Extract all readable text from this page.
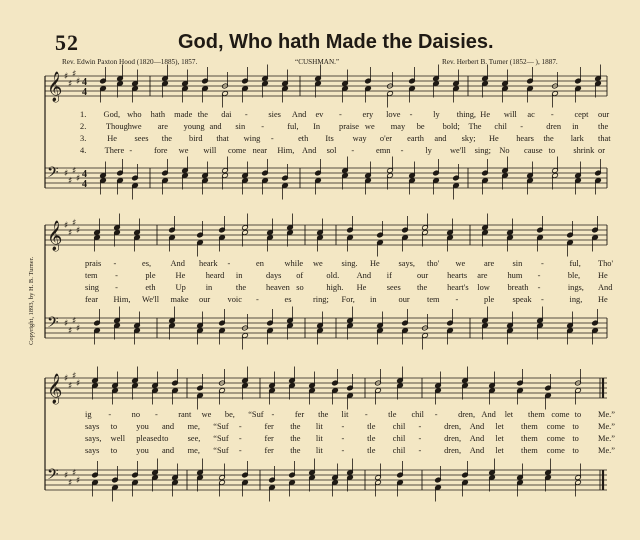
52	God, Who hath Made the Daisies.
Rev. Edwin Paxton Hood (1820—1885), 1857.	“CUSHMAN.”	Rev. Herbert B. Turner (1852— ), 1887.
Copyright, 1893, by H. B. Turner.
𝄞
𝄢
♯
♯
♯
♯
♯
♯
♯
♯
4
4
4
4
𝄞
𝄢
♯
♯
♯
♯
♯
♯
♯
♯
𝄞
𝄢
♯
♯
♯
♯
♯
♯
♯
♯
1. God, who hath made the dai - sies And ev - ery love - ly thing, He will ac - cept our
2. Though we are young and sin -	ful, In praise we may be bold; The chil -	dren in the
3. He sees the bird that wing -	eth Its way o'er earth and sky; He hears the lark that
4. There -	fore we will come near Him, And sol -	emn -	ly we'll sing; No cause to shrink or
prais -	es, And heark -	en while we sing. He says, tho' we are sin -	ful, Tho'
tem -	ple He heard in	days of	old. And if	our hearts are hum -	ble, He
sing -	eth Up in	the heaven so	high. He sees the heart's low breath -	ings, And
fear Him, We'll make our voic -	es	ring; For, in	our tem -	ple speak -	ing, He
ig - no - rant we be, “Suf - fer the lit - tle chil - dren, And let them come to Me.”
says to you and me, “Suf -	fer the lit -	tle chil -	dren, And let them come to Me.”
says, well pleased to see, “Suf -	fer the lit -	tle chil -	dren, And let them come to Me.”
says to you and me, “Suf -	fer the lit -	tle chil -	dren, And let them come to Me.”
